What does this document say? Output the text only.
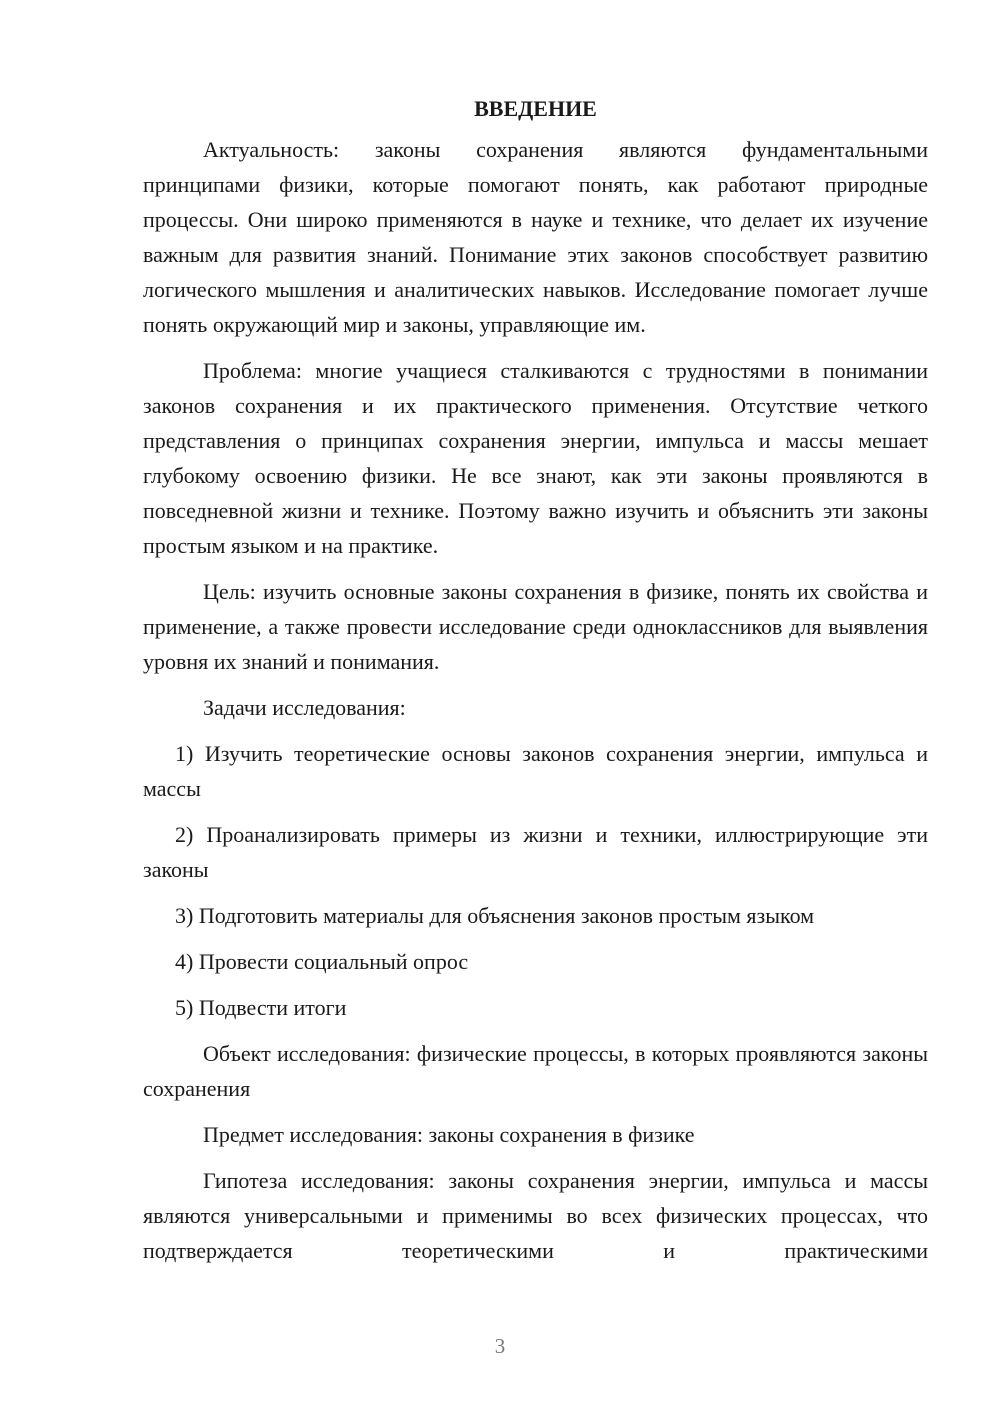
ВВЕДЕНИЕ

Актуальность: законы сохранения являются фундаментальными принципами физики, которые помогают понять, как работают природные процессы. Они широко применяются в науке и технике, что делает их изучение важным для развития знаний. Понимание этих законов способствует развитию логического мышления и аналитических навыков. Исследование помогает лучше понять окружающий мир и законы, управляющие им.

Проблема: многие учащиеся сталкиваются с трудностями в понимании законов сохранения и их практического применения. Отсутствие четкого представления о принципах сохранения энергии, импульса и массы мешает глубокому освоению физики. Не все знают, как эти законы проявляются в повседневной жизни и технике. Поэтому важно изучить и объяснить эти законы простым языком и на практике.

Цель: изучить основные законы сохранения в физике, понять их свойства и применение, а также провести исследование среди одноклассников для выявления уровня их знаний и понимания.

Задачи исследования:

1) Изучить теоретические основы законов сохранения энергии, импульса и массы

2) Проанализировать примеры из жизни и техники, иллюстрирующие эти законы

3) Подготовить материалы для объяснения законов простым языком

4) Провести социальный опрос

5) Подвести итоги

Объект исследования: физические процессы, в которых проявляются законы сохранения

Предмет исследования: законы сохранения в физике

Гипотеза исследования: законы сохранения энергии, импульса и массы являются универсальными и применимы во всех физических процессах, что подтверждается теоретическими и практическими

3
